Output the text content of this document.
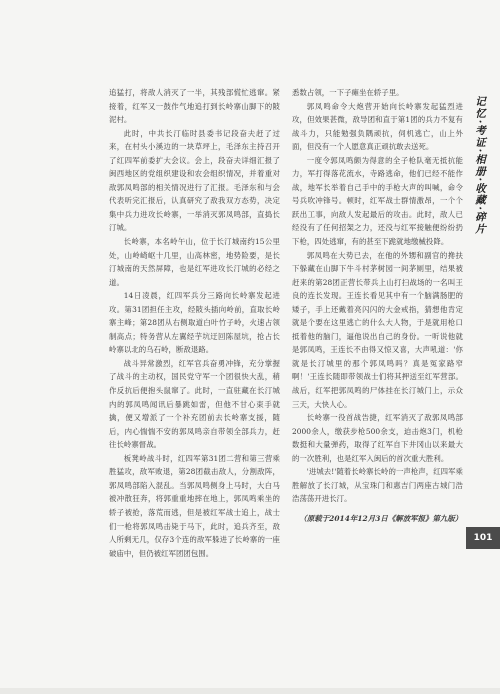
追猛打，将敌人消灭了一半，其残部慌忙逃窜。紧接着，红军又一鼓作气地追打到长岭寨山脚下的陂泥村。

此时，中共长汀临时县委书记段奋夫赶了过来，在村头小溪边的一块草坪上，毛泽东主持召开了红四军前委扩大会议。会上，段奋夫详细汇报了闽西地区的党组织建设和农会组织情况，并着重对敌郭凤鸣部的相关情况进行了汇报。毛泽东和与会代表听完汇报后，认真研究了敌我双方态势，决定集中兵力进攻长岭寨，一举消灭郭凤鸣部，直捣长汀城。

长岭寨，本名岭午山，位于长汀城南约15公里处，山岭崎岖十几里，山高林密，地势险要，是长汀城南的天然屏障，也是红军进攻长汀城的必经之道。

14日凌晨，红四军兵分三路向长岭寨发起进攻。第31团担任主攻，经陂头插向岭前，直取长岭寨主峰；第28团从右侧取道白叶竹子岭，火速占领制高点；特务营从左翼经芋坑迂回陈屋坑，抢占长岭寨以北的乌石岭，断敌退路。

战斗异常激烈，红军官兵奋勇冲锋，充分掌握了战斗的主动权，国民党守军一个团很快大乱，稍作反抗后便抱头鼠窜了。此时，一直驻藏在长汀城内的郭凤鸣闻讯后暴跳如雷，但他不甘心束手就擒，便又增派了一个补充团前去长岭寨支援，随后，内心惴惴不安的郭凤鸣亲自带领全部兵力，赶往长岭寨督战。

板凳岭战斗时，红四军第31团二营和第三营乘胜猛攻，敌军败退，第28团截击敌人，分割敌阵，郭凤鸣部陷入混乱。当郭凤鸣侧身上马时，大白马被冲散狂奔，将郭重重地摔在地上，郭凤鸣乘坐的轿子被抢，落荒而逃，但是被红军战士追上，战士们一枪将郭凤鸣击毙于马下，此时，追兵齐至，敌人所剩无几，仅存3个连的敌军躲进了长岭寨的一座破庙中，但仍被红军团团包围。

悉数占领，一下子瘫坐在轿子里。

郭凤鸣命令大炮营开始向长岭寨发起猛烈进攻，但效果甚微，敌导团和直于第1团的兵力不复有战斗力，只能勉强负隅顽抗，伺机逃亡，山上外面，但没有一个人愿意真正顽抗敢去送死。

一度令郭凤鸣颇为得意的全子枪队毫无抵抗能力，军打得落花流水，寺路逃命，他们已经不能作战，地军长举着自己手中的手枪大声的叫喊，命令号兵吹冲锋号。顿时，红军战士群情激昂，一个个跃出工事，向敌人发起最后的攻击。此时，敌人已经没有了任何招架之力，还没与红军接触便纷纷扔下枪，四处逃窜，有的甚至下跪就地缴械投降。

郭凤鸣在大势已去，在他的外甥和副官的搀扶下躲藏在山脚下牛斗村茅树园一间茅厕里，结果被赶来的第28团正营长带兵上山打扫战场的一名叫王良的连长发现。王连长看见其中有一个脑满肠肥的矮子，手上还戴着亮闪闪的大金戒指，猜想他肯定就是个要在这里逃亡的什么大人物，于是就用枪口抵着他的脑门，逼他说出自己的身份。一听说他就是郭凤鸣，王连长不由得又惊又喜，大声吼道：'你就是长汀城里的那个郭凤鸣吗？真是冤家路窄啊！'王连长随即带领战士们将其押送至红军营部。战后，红军把郭凤鸣的尸体挂在长汀城门上，示众三天，大快人心。

长岭寨一役首战告捷，红军消灭了敌郭凤鸣部2000余人，缴获步枪500余支，迫击炮3门，机枪数挺和大量弹药，取得了红军自下井冈山以来最大的一次胜利，也是红军入闽后的首次重大胜利。

'进城去!'随着长岭寨长岭的一声枪声，红四军乘胜解放了长汀城，从宝珠门和惠吉门两座古城门浩浩荡荡开进长汀。

（原载于2014年12月3日《解放军报》第九版）

记忆·考证·相册·收藏·碎片
101
